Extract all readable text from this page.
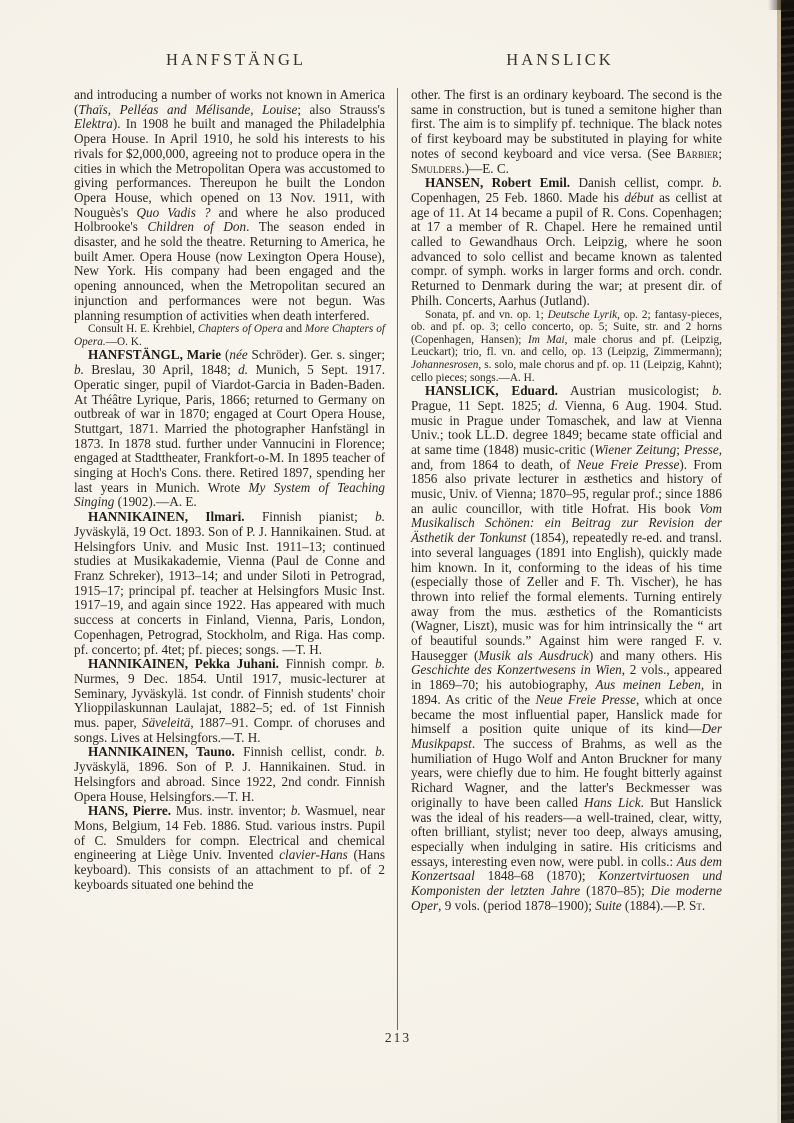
HANFSTÄNGL	HANSLICK

and introducing a number of works not known in America (Thaïs, Pelléas and Mélisande, Louise; also Strauss's Elektra). In 1908 he built and managed the Philadelphia Opera House. In April 1910, he sold his interests to his rivals for $2,000,000, agreeing not to produce opera in the cities in which the Metropolitan Opera was accustomed to giving performances. Thereupon he built the London Opera House, which opened on 13 Nov. 1911, with Nouguès's Quo Vadis ? and where he also produced Holbrooke's Children of Don. The season ended in disaster, and he sold the theatre. Returning to America, he built Amer. Opera House (now Lexington Opera House), New York. His company had been engaged and the opening announced, when the Metropolitan secured an injunction and performances were not begun. Was planning resumption of activities when death interfered.

Consult H. E. Krehbiel, Chapters of Opera and More Chapters of Opera.—O. K.

HANFSTÄNGL, Marie (née Schröder). Ger. s. singer; b. Breslau, 30 April, 1848; d. Munich, 5 Sept. 1917. Operatic singer, pupil of Viardot-Garcia in Baden-Baden. At Théâtre Lyrique, Paris, 1866; returned to Germany on outbreak of war in 1870; engaged at Court Opera House, Stuttgart, 1871. Married the photographer Hanfstängl in 1873. In 1878 stud. further under Vannucini in Florence; engaged at Stadttheater, Frankfort-o-M. In 1895 teacher of singing at Hoch's Cons. there. Retired 1897, spending her last years in Munich. Wrote My System of Teaching Singing (1902).—A. E.

HANNIKAINEN, Ilmari. Finnish pianist; b. Jyväskylä, 19 Oct. 1893. Son of P. J. Hannikainen. Stud. at Helsingfors Univ. and Music Inst. 1911–13; continued studies at Musikakademie, Vienna (Paul de Conne and Franz Schreker), 1913–14; and under Siloti in Petrograd, 1915–17; principal pf. teacher at Helsingfors Music Inst. 1917–19, and again since 1922. Has appeared with much success at concerts in Finland, Vienna, Paris, London, Copenhagen, Petrograd, Stockholm, and Riga. Has comp. pf. concerto; pf. 4tet; pf. pieces; songs. —T. H.

HANNIKAINEN, Pekka Juhani. Finnish compr. b. Nurmes, 9 Dec. 1854. Until 1917, music-lecturer at Seminary, Jyväskylä. 1st condr. of Finnish students' choir Ylioppilaskunnan Laulajat, 1882–5; ed. of 1st Finnish mus. paper, Säveleitä, 1887–91. Compr. of choruses and songs. Lives at Helsingfors.—T. H.

HANNIKAINEN, Tauno. Finnish cellist, condr. b. Jyväskylä, 1896. Son of P. J. Hannikainen. Stud. in Helsingfors and abroad. Since 1922, 2nd condr. Finnish Opera House, Helsingfors.—T. H.

HANS, Pierre. Mus. instr. inventor; b. Wasmuel, near Mons, Belgium, 14 Feb. 1886. Stud. various instrs. Pupil of C. Smulders for compn. Electrical and chemical engineering at Liège Univ. Invented clavier-Hans (Hans keyboard). This consists of an attachment to pf. of 2 keyboards situated one behind the

other. The first is an ordinary keyboard. The second is the same in construction, but is tuned a semitone higher than first. The aim is to simplify pf. technique. The black notes of first keyboard may be substituted in playing for white notes of second keyboard and vice versa. (See Barbier; Smulders.)—E. C.

HANSEN, Robert Emil. Danish cellist, compr. b. Copenhagen, 25 Feb. 1860. Made his début as cellist at age of 11. At 14 became a pupil of R. Cons. Copenhagen; at 17 a member of R. Chapel. Here he remained until called to Gewandhaus Orch. Leipzig, where he soon advanced to solo cellist and became known as talented compr. of symph. works in larger forms and orch. condr. Returned to Denmark during the war; at present dir. of Philh. Concerts, Aarhus (Jutland).

Sonata, pf. and vn. op. 1; Deutsche Lyrik, op. 2; fantasy-pieces, ob. and pf. op. 3; cello concerto, op. 5; Suite, str. and 2 horns (Copenhagen, Hansen); Im Mai, male chorus and pf. (Leipzig, Leuckart); trio, fl. vn. and cello, op. 13 (Leipzig, Zimmermann); Johannesrosen, s. solo, male chorus and pf. op. 11 (Leipzig, Kahnt); cello pieces; songs.—A. H.

HANSLICK, Eduard. Austrian musicologist; b. Prague, 11 Sept. 1825; d. Vienna, 6 Aug. 1904. Stud. music in Prague under Tomaschek, and law at Vienna Univ.; took LL.D. degree 1849; became state official and at same time (1848) music-critic (Wiener Zeitung; Presse, and, from 1864 to death, of Neue Freie Presse). From 1856 also private lecturer in æsthetics and history of music, Univ. of Vienna; 1870–95, regular prof.; since 1886 an aulic councillor, with title Hofrat. His book Vom Musikalisch Schönen: ein Beitrag zur Revision der Ästhetik der Tonkunst (1854), repeatedly re-ed. and transl. into several languages (1891 into English), quickly made him known. In it, conforming to the ideas of his time (especially those of Zeller and F. Th. Vischer), he has thrown into relief the formal elements. Turning entirely away from the mus. æsthetics of the Romanticists (Wagner, Liszt), music was for him intrinsically the “ art of beautiful sounds.” Against him were ranged F. v. Hausegger (Musik als Ausdruck) and many others. His Geschichte des Konzertwesens in Wien, 2 vols., appeared in 1869–70; his autobiography, Aus meinen Leben, in 1894. As critic of the Neue Freie Presse, which at once became the most influential paper, Hanslick made for himself a position quite unique of its kind—Der Musikpapst. The success of Brahms, as well as the humiliation of Hugo Wolf and Anton Bruckner for many years, were chiefly due to him. He fought bitterly against Richard Wagner, and the latter's Beckmesser was originally to have been called Hans Lick. But Hanslick was the ideal of his readers—a well-trained, clear, witty, often brilliant, stylist; never too deep, always amusing, especially when indulging in satire. His criticisms and essays, interesting even now, were publ. in colls.: Aus dem Konzertsaal 1848–68 (1870); Konzertvirtuosen und Komponisten der letzten Jahre (1870–85); Die moderne Oper, 9 vols. (period 1878–1900); Suite (1884).—P. St.

213
